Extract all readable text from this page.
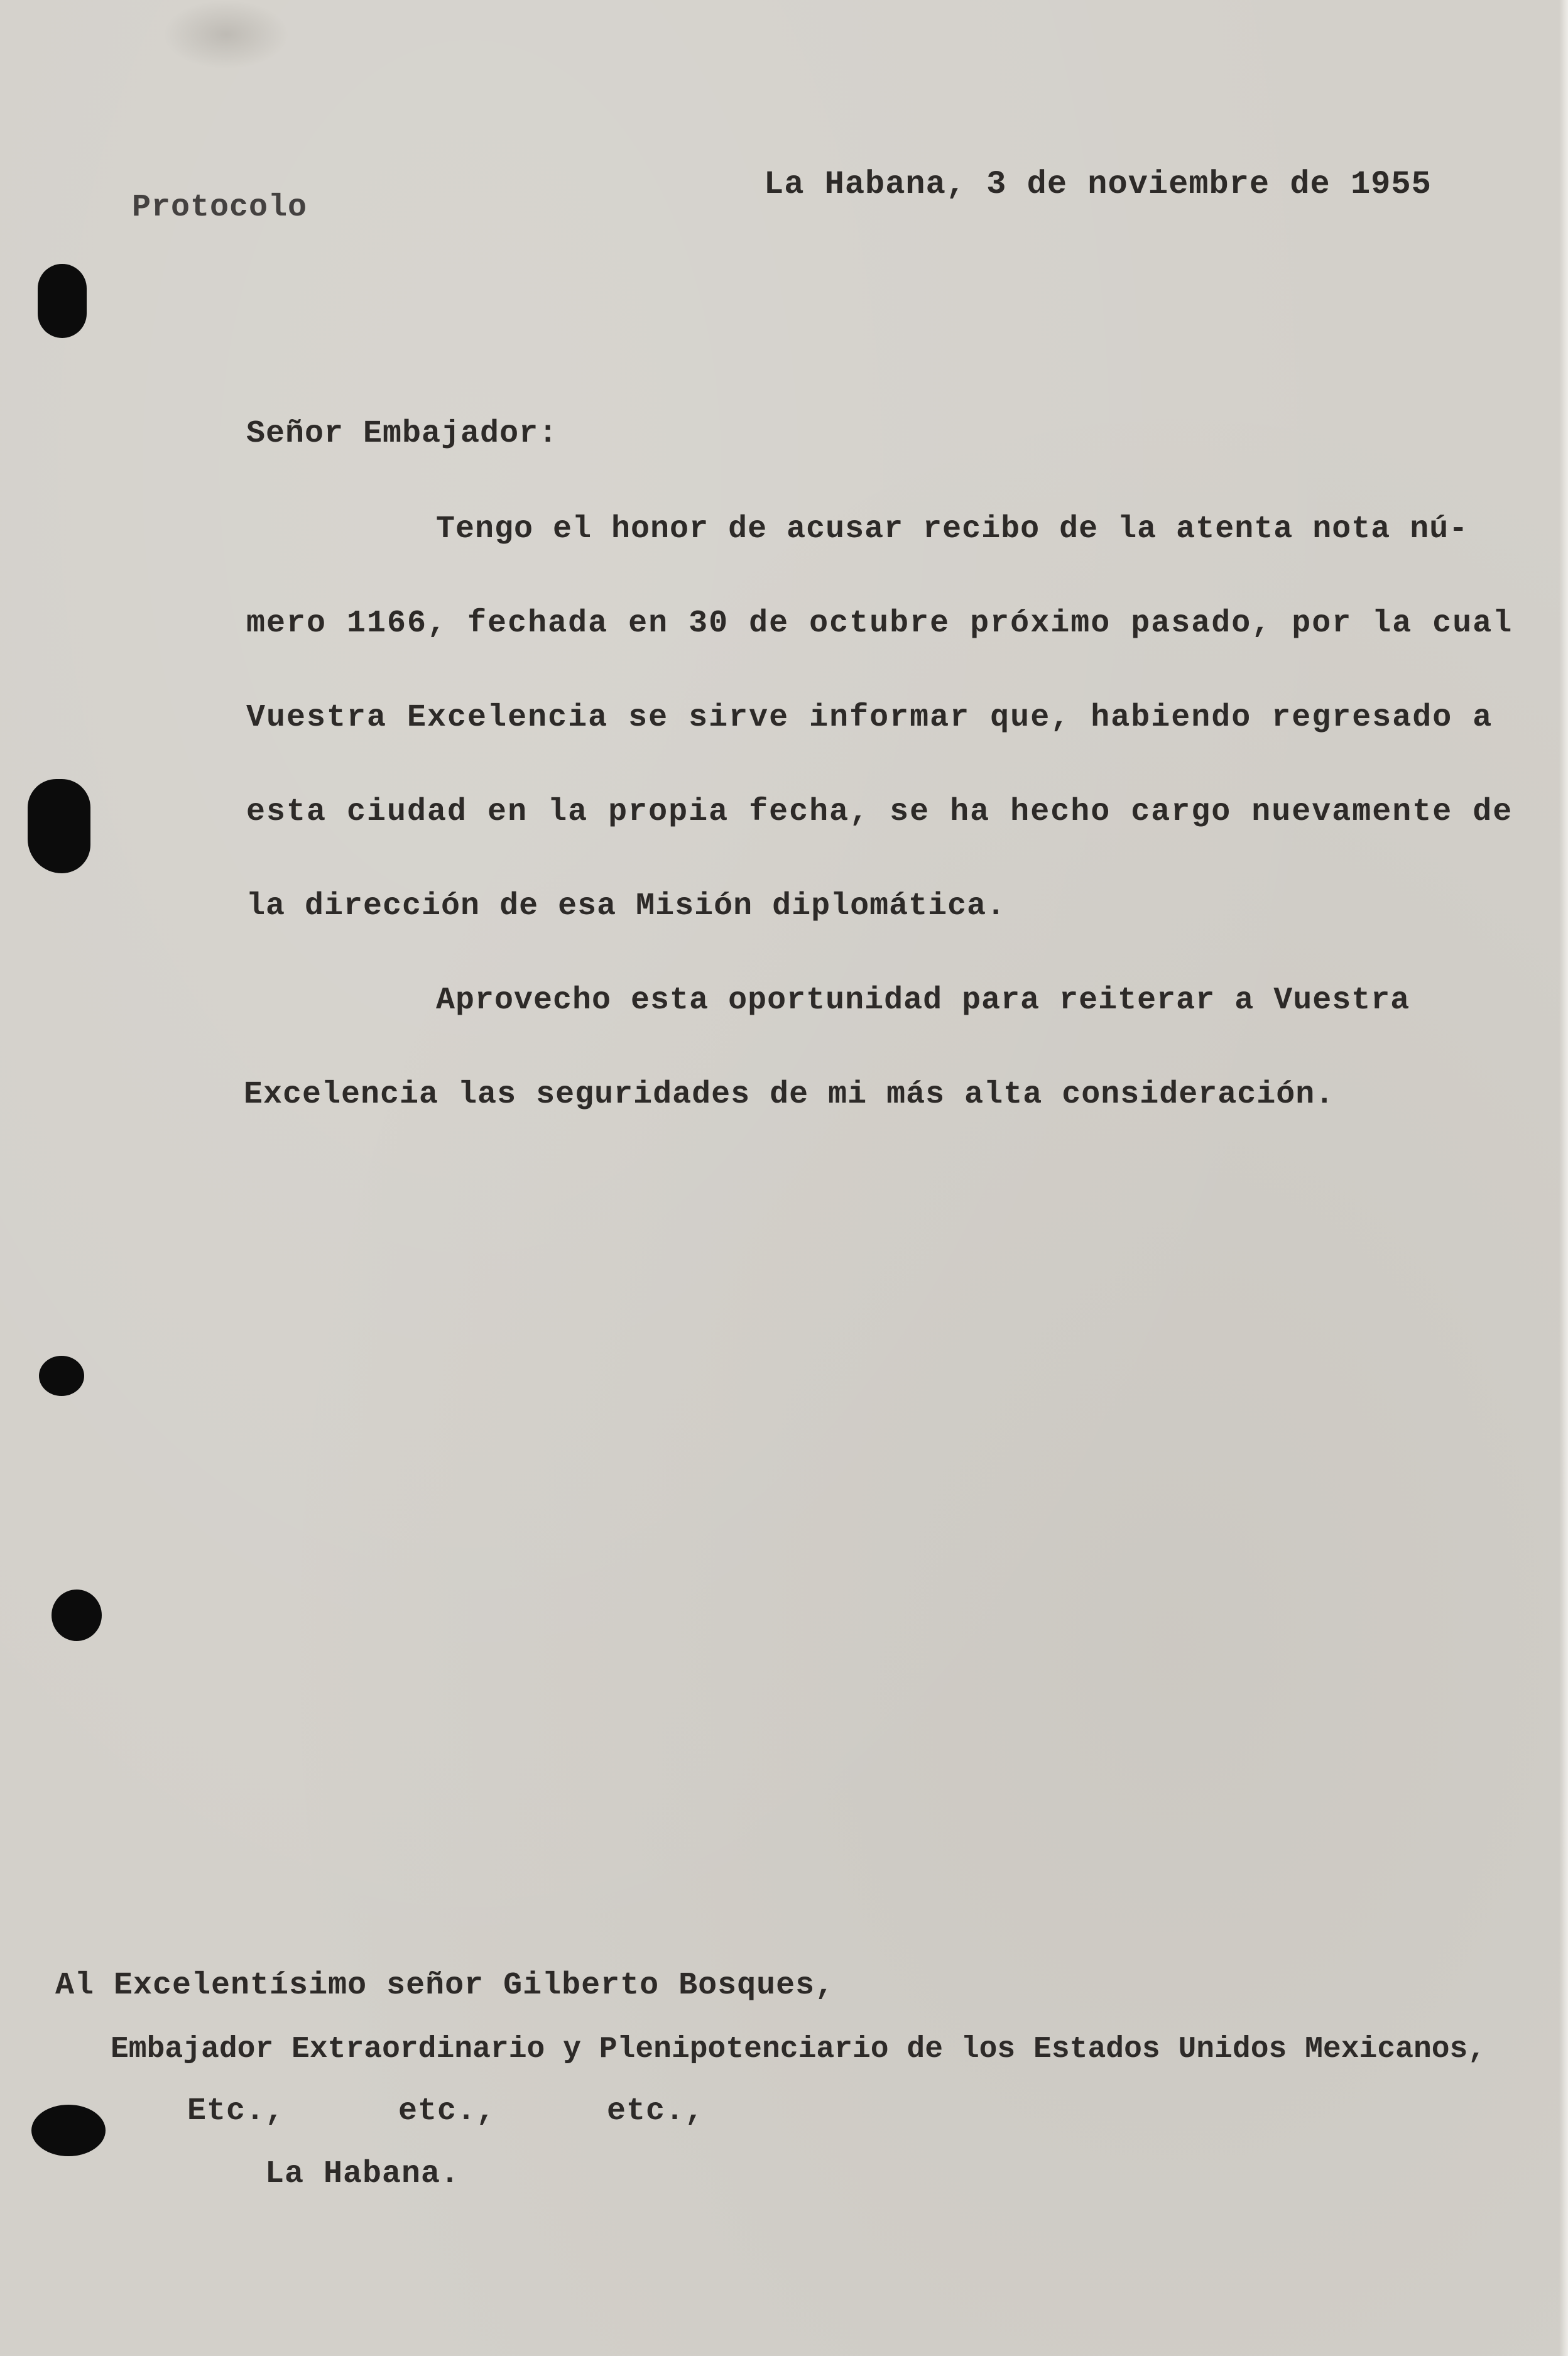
Protocolo
La Habana, 3 de noviembre de 1955
Señor Embajador:
Tengo el honor de acusar recibo de la atenta nota nú-
mero 1166, fechada en 30 de octubre próximo pasado, por la cual
Vuestra Excelencia se sirve informar que, habiendo regresado a
esta ciudad en la propia fecha, se ha hecho cargo nuevamente de
la dirección de esa Misión diplomática.
Aprovecho esta oportunidad para reiterar a Vuestra
Excelencia las seguridades de mi más alta consideración.
Al Excelentísimo señor Gilberto Bosques,
Embajador Extraordinario y Plenipotenciario de los Estados Unidos Mexicanos,
Etc.,	etc.,	etc.,
La Habana.
